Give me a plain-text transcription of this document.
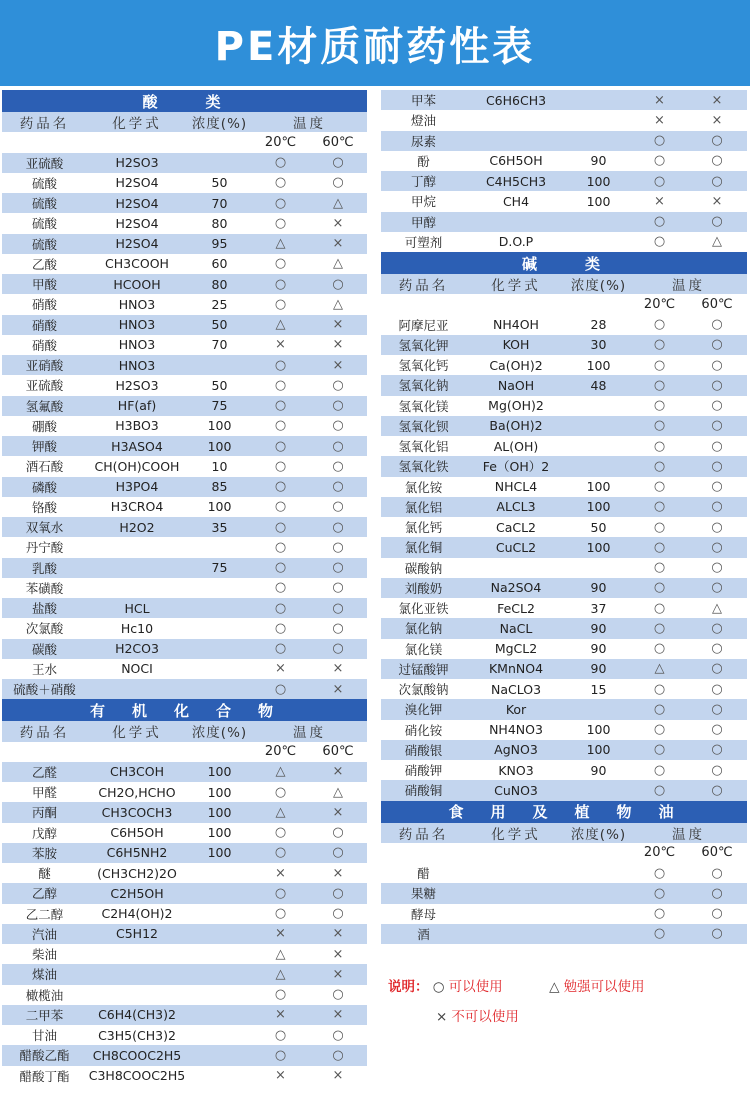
PE材质耐药性表
酸　　类
药品名	化学式	浓度(%)	温度
20℃	60℃
亚硫酸	H2SO3	○	○
硫酸	H2SO4	50	○	○
硫酸	H2SO4	70	○	△
硫酸	H2SO4	80	○	×
硫酸	H2SO4	95	△	×
乙酸	CH3COOH	60	○	△
甲酸	HCOOH	80	○	○
硝酸	HNO3	25	○	△
硝酸	HNO3	50	△	×
硝酸	HNO3	70	×	×
亚硝酸	HNO3	○	×
亚硫酸	H2SO3	50	○	○
氢氟酸	HF(af)	75	○	○
硼酸	H3BO3	100	○	○
钾酸	H3ASO4	100	○	○
酒石酸	CH(OH)COOH	10	○	○
磷酸	H3PO4	85	○	○
铬酸	H3CRO4	100	○	○
双氧水	H2O2	35	○	○
丹宁酸	○	○
乳酸	75	○	○
苯磺酸	○	○
盐酸	HCL	○	○
次氯酸	Hc10	○	○
碳酸	H2CO3	○	○
王水	NOCI	×	×
硫酸＋硝酸	○	×
有　机　化　合　物
药品名	化学式	浓度(%)	温度
20℃	60℃
乙醛	CH3COH	100	△	×
甲醛	CH2O,HCHO	100	○	△
丙酮	CH3COCH3	100	△	×
戊醇	C6H5OH	100	○	○
苯胺	C6H5NH2	100	○	○
醚	(CH3CH2)2O	×	×
乙醇	C2H5OH	○	○
乙二醇	C2H4(OH)2	○	○
汽油	C5H12	×	×
柴油	△	×
煤油	△	×
橄榄油	○	○
二甲苯	C6H4(CH3)2	×	×
甘油	C3H5(CH3)2	○	○
醋酸乙酯	CH8COOC2H5	○	○
醋酸丁酯	C3H8COOC2H5	×	×
甲苯	C6H6CH3	×	×
燈油	×	×
尿素	○	○
酚	C6H5OH	90	○	○
丁醇	C4H5CH3	100	○	○
甲烷	CH4	100	×	×
甲醇	○	○
可塑剂	D.O.P	○	△
碱　　类
药品名	化学式	浓度(%)	温度
20℃	60℃
阿摩尼亚	NH4OH	28	○	○
氢氧化钾	KOH	30	○	○
氢氧化钙	Ca(OH)2	100	○	○
氢氧化钠	NaOH	48	○	○
氢氧化镁	Mg(OH)2	○	○
氢氧化钡	Ba(OH)2	○	○
氢氧化铝	AL(OH)	○	○
氢氧化铁	Fe（OH）2	○	○
氯化铵	NHCL4	100	○	○
氯化铝	ALCL3	100	○	○
氯化钙	CaCL2	50	○	○
氯化铜	CuCL2	100	○	○
碳酸钠	○	○
刘酸奶	Na2SO4	90	○	○
氯化亚铁	FeCL2	37	○	△
氯化钠	NaCL	90	○	○
氯化镁	MgCL2	90	○	○
过锰酸钾	KMnNO4	90	△	○
次氯酸钠	NaCLO3	15	○	○
溴化钾	Kor	○	○
硝化铵	NH4NO3	100	○	○
硝酸银	AgNO3	100	○	○
硝酸钾	KNO3	90	○	○
硝酸铜	CuNO3	○	○
食　用　及　植　物　油
药品名	化学式	浓度(%)	温度
20℃	60℃
醋	○	○
果糖	○	○
酵母	○	○
酒	○	○
说明： ○ 可以使用	△ 勉强可以使用
× 不可以使用
